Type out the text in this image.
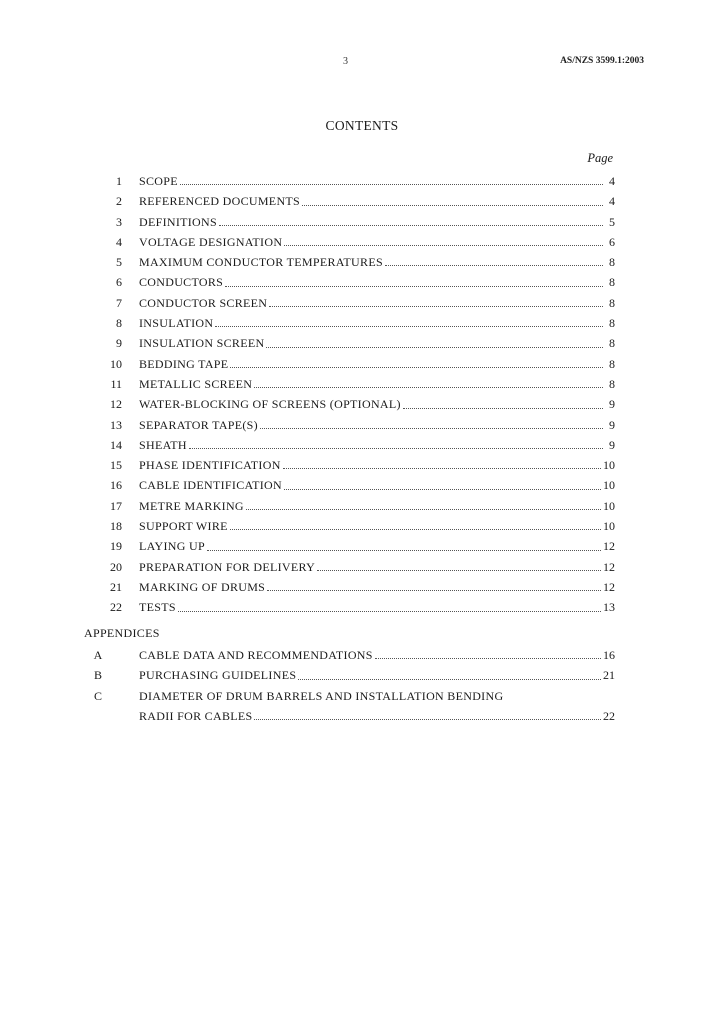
3	AS/NZS 3599.1:2003
CONTENTS
Page
1	SCOPE	4
2	REFERENCED DOCUMENTS	4
3	DEFINITIONS	5
4	VOLTAGE DESIGNATION	6
5	MAXIMUM CONDUCTOR TEMPERATURES	8
6	CONDUCTORS	8
7	CONDUCTOR SCREEN	8
8	INSULATION	8
9	INSULATION SCREEN	8
10	BEDDING TAPE	8
11	METALLIC SCREEN	8
12	WATER-BLOCKING OF SCREENS (OPTIONAL)	9
13	SEPARATOR TAPE(S)	9
14	SHEATH	9
15	PHASE IDENTIFICATION	10
16	CABLE IDENTIFICATION	10
17	METRE MARKING	10
18	SUPPORT WIRE	10
19	LAYING UP	12
20	PREPARATION FOR DELIVERY	12
21	MARKING OF DRUMS	12
22	TESTS	13
APPENDICES
A	CABLE DATA AND RECOMMENDATIONS	16
B	PURCHASING GUIDELINES	21
C	DIAMETER OF DRUM BARRELS AND INSTALLATION BENDING
RADII FOR CABLES	22
